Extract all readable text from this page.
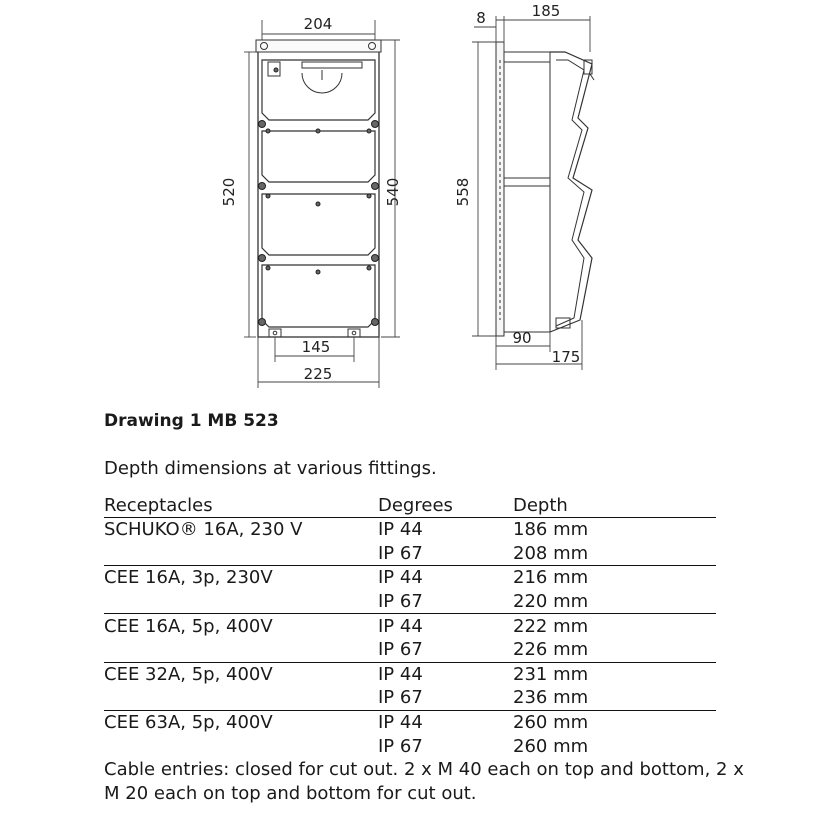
204
520	540
145
225
8	185
558
90
175
Drawing 1 MB 523
Depth dimensions at various fittings.
Receptacles	Degrees	Depth
SCHUKO® 16A, 230 V	IP 44	186 mm
	IP 67	208 mm
CEE 16A, 3p, 230V	IP 44	216 mm
	IP 67	220 mm
CEE 16A, 5p, 400V	IP 44	222 mm
	IP 67	226 mm
CEE 32A, 5p, 400V	IP 44	231 mm
	IP 67	236 mm
CEE 63A, 5p, 400V	IP 44	260 mm
	IP 67	260 mm
Cable entries: closed for cut out. 2 x M 40 each on top and bottom, 2 x M 20 each on top and bottom for cut out.
